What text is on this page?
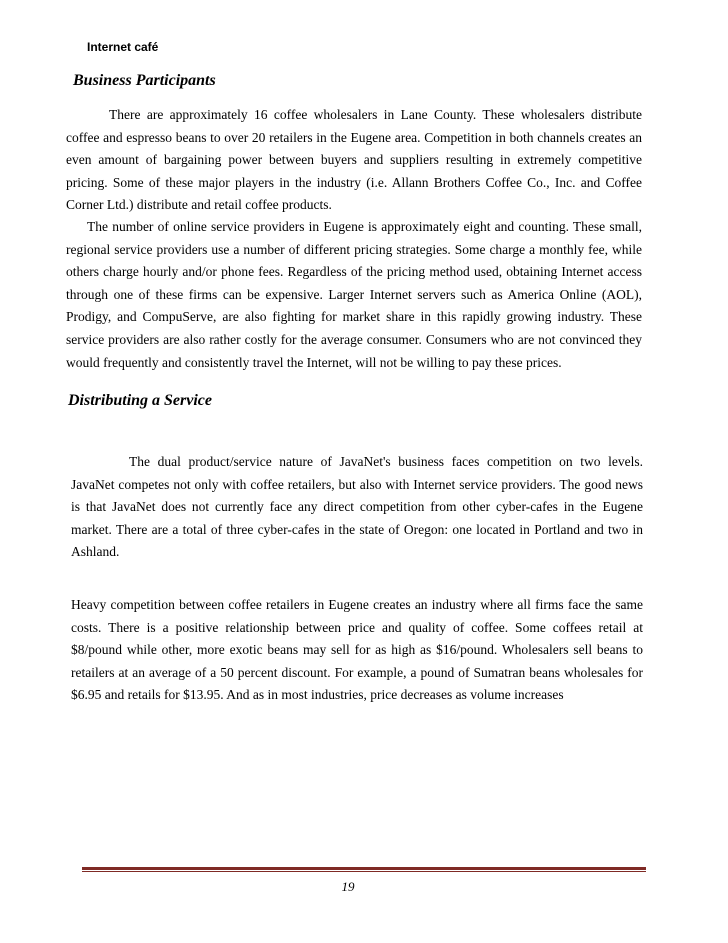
Internet café
Business Participants

There are approximately 16 coffee wholesalers in Lane County. These wholesalers distribute coffee and espresso beans to over 20 retailers in the Eugene area. Competition in both channels creates an even amount of bargaining power between buyers and suppliers resulting in extremely competitive pricing. Some of these major players in the industry (i.e. Allann Brothers Coffee Co., Inc. and Coffee Corner Ltd.) distribute and retail coffee products.

The number of online service providers in Eugene is approximately eight and counting. These small, regional service providers use a number of different pricing strategies. Some charge a monthly fee, while others charge hourly and/or phone fees. Regardless of the pricing method used, obtaining Internet access through one of these firms can be expensive. Larger Internet servers such as America Online (AOL), Prodigy, and CompuServe, are also fighting for market share in this rapidly growing industry. These service providers are also rather costly for the average consumer. Consumers who are not convinced they would frequently and consistently travel the Internet, will not be willing to pay these prices.

Distributing a Service

The dual product/service nature of JavaNet's business faces competition on two levels. JavaNet competes not only with coffee retailers, but also with Internet service providers. The good news is that JavaNet does not currently face any direct competition from other cyber-cafes in the Eugene market. There are a total of three cyber-cafes in the state of Oregon: one located in Portland and two in Ashland.

Heavy competition between coffee retailers in Eugene creates an industry where all firms face the same costs. There is a positive relationship between price and quality of coffee. Some coffees retail at $8/pound while other, more exotic beans may sell for as high as $16/pound. Wholesalers sell beans to retailers at an average of a 50 percent discount. For example, a pound of Sumatran beans wholesales for $6.95 and retails for $13.95. And as in most industries, price decreases as volume increases

19
